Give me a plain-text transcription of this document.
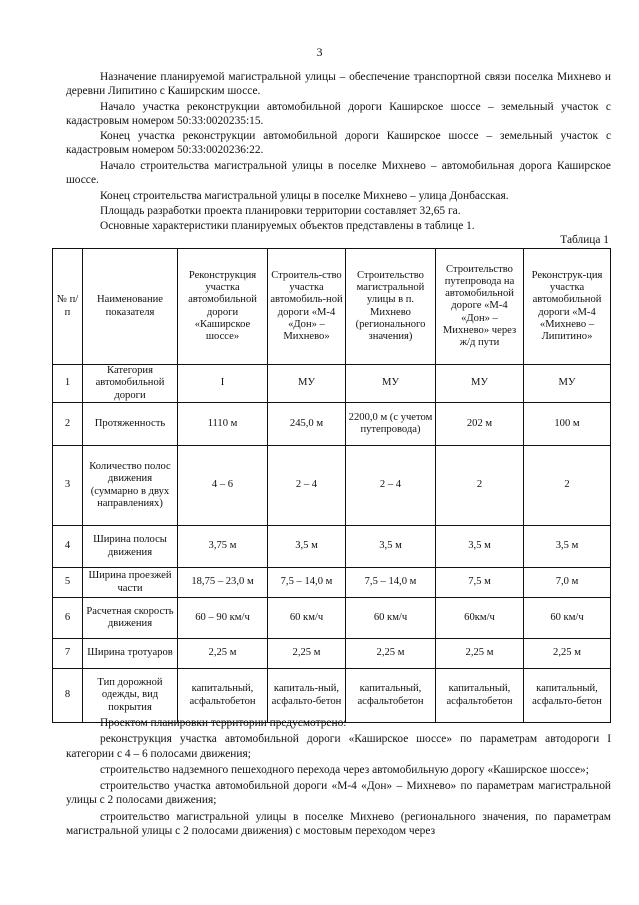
3

Назначение планируемой магистральной улицы – обеспечение транспортной связи поселка Михнево и деревни Липитино с Каширским шоссе.

Начало участка реконструкции автомобильной дороги Каширское шоссе – земельный участок с кадастровым номером 50:33:0020235:15.

Конец участка реконструкции автомобильной дороги Каширское шоссе – земельный участок с кадастровым номером 50:33:0020236:22.

Начало строительства магистральной улицы в поселке Михнево – автомобильная дорога Каширское шоссе.

Конец строительства магистральной улицы в поселке Михнево – улица Донбасская.

Площадь разработки проекта планировки территории составляет 32,65 га.

Основные характеристики планируемых объектов представлены в таблице 1.

Таблица 1
№ п/п	Наименование показателя	Реконструкция участка автомобильной дороги «Каширское шоссе»	Строитель-ство участка автомобиль-ной дороги «М-4 «Дон» – Михнево»	Строительство магистральной улицы в п. Михнево (регионального значения)	Строительство путепровода на автомобильной дороге «М-4 «Дон» – Михнево» через ж/д пути	Реконструк-ция участка автомобильной дороги «М-4 «Михнево – Липитино»
1	Категория автомобильной дороги	I	МУ	МУ	МУ	МУ
2	Протяженность	1110 м	245,0 м	2200,0 м (с учетом путепровода)	202 м	100 м
3	Количество полос движения (суммарно в двух направлениях)	4 – 6	2 – 4	2 – 4	2	2
4	Ширина полосы движения	3,75 м	3,5 м	3,5 м	3,5 м	3,5 м
5	Ширина проезжей части	18,75 – 23,0 м	7,5 – 14,0 м	7,5 – 14,0 м	7,5 м	7,0 м
6	Расчетная скорость движения	60 – 90 км/ч	60 км/ч	60 км/ч	60км/ч	60 км/ч
7	Ширина тротуаров	2,25 м	2,25 м	2,25 м	2,25 м	2,25 м
8	Тип дорожной одежды, вид покрытия	капитальный, асфальтобетон	капиталь-ный, асфальто-бетон	капитальный, асфальтобетон	капитальный, асфальтобетон	капитальный, асфальто-бетон

Проектом планировки территории предусмотрено:

реконструкция участка автомобильной дороги «Каширское шоссе» по параметрам автодороги I категории с 4 – 6 полосами движения;

строительство надземного пешеходного перехода через автомобильную дорогу «Каширское шоссе»;

строительство участка автомобильной дороги «М-4 «Дон» – Михнево» по параметрам магистральной улицы с 2 полосами движения;

строительство магистральной улицы в поселке Михнево (регионального значения, по параметрам магистральной улицы с 2 полосами движения) с мостовым переходом через
